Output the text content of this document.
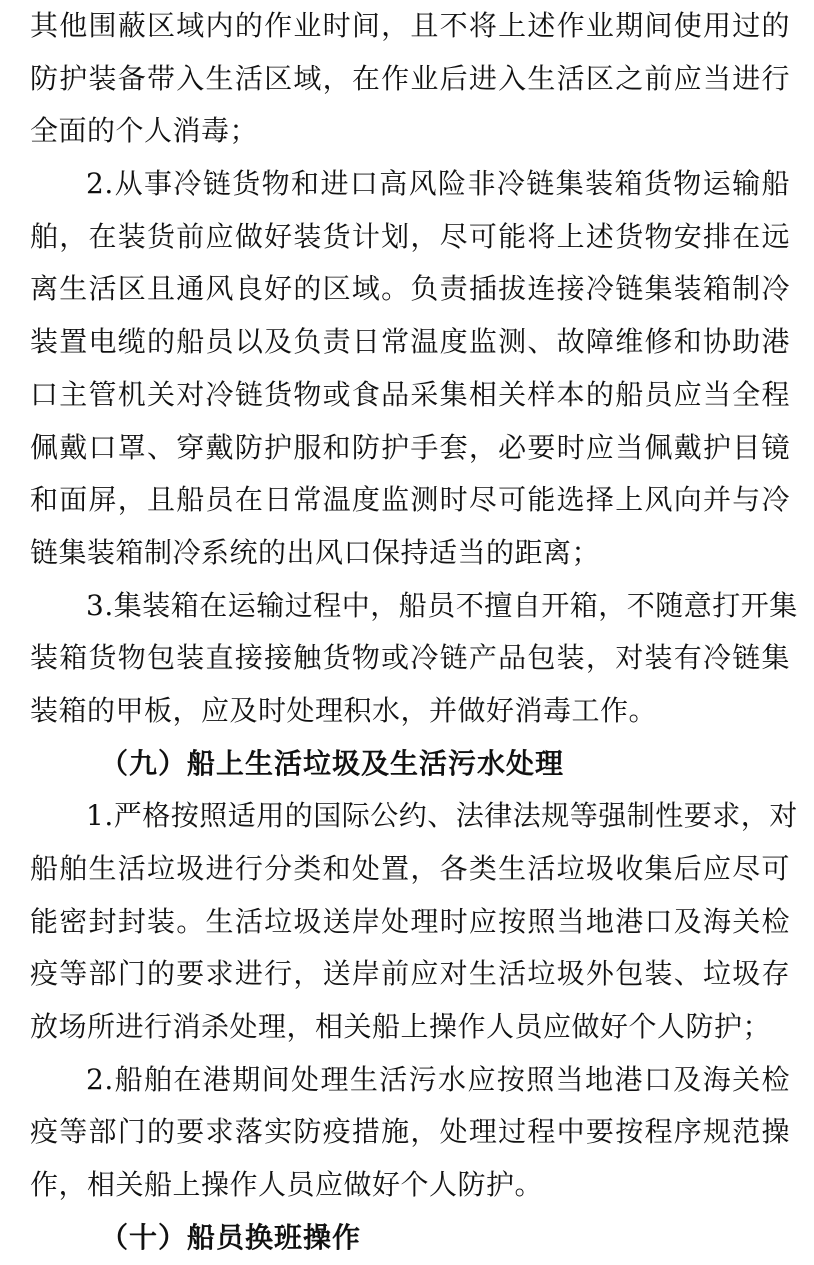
其他围蔽区域内的作业时间，且不将上述作业期间使用过的
防护装备带入生活区域，在作业后进入生活区之前应当进行
全面的个人消毒；
2.从事冷链货物和进口高风险非冷链集装箱货物运输船
舶，在装货前应做好装货计划，尽可能将上述货物安排在远
离生活区且通风良好的区域。负责插拔连接冷链集装箱制冷
装置电缆的船员以及负责日常温度监测、故障维修和协助港
口主管机关对冷链货物或食品采集相关样本的船员应当全程
佩戴口罩、穿戴防护服和防护手套，必要时应当佩戴护目镜
和面屏，且船员在日常温度监测时尽可能选择上风向并与冷
链集装箱制冷系统的出风口保持适当的距离；
3.集装箱在运输过程中，船员不擅自开箱，不随意打开集
装箱货物包装直接接触货物或冷链产品包装，对装有冷链集
装箱的甲板，应及时处理积水，并做好消毒工作。
（九）船上生活垃圾及生活污水处理
1.严格按照适用的国际公约、法律法规等强制性要求，对
船舶生活垃圾进行分类和处置，各类生活垃圾收集后应尽可
能密封封装。生活垃圾送岸处理时应按照当地港口及海关检
疫等部门的要求进行，送岸前应对生活垃圾外包装、垃圾存
放场所进行消杀处理，相关船上操作人员应做好个人防护；
2.船舶在港期间处理生活污水应按照当地港口及海关检
疫等部门的要求落实防疫措施，处理过程中要按程序规范操
作，相关船上操作人员应做好个人防护。
（十）船员换班操作
